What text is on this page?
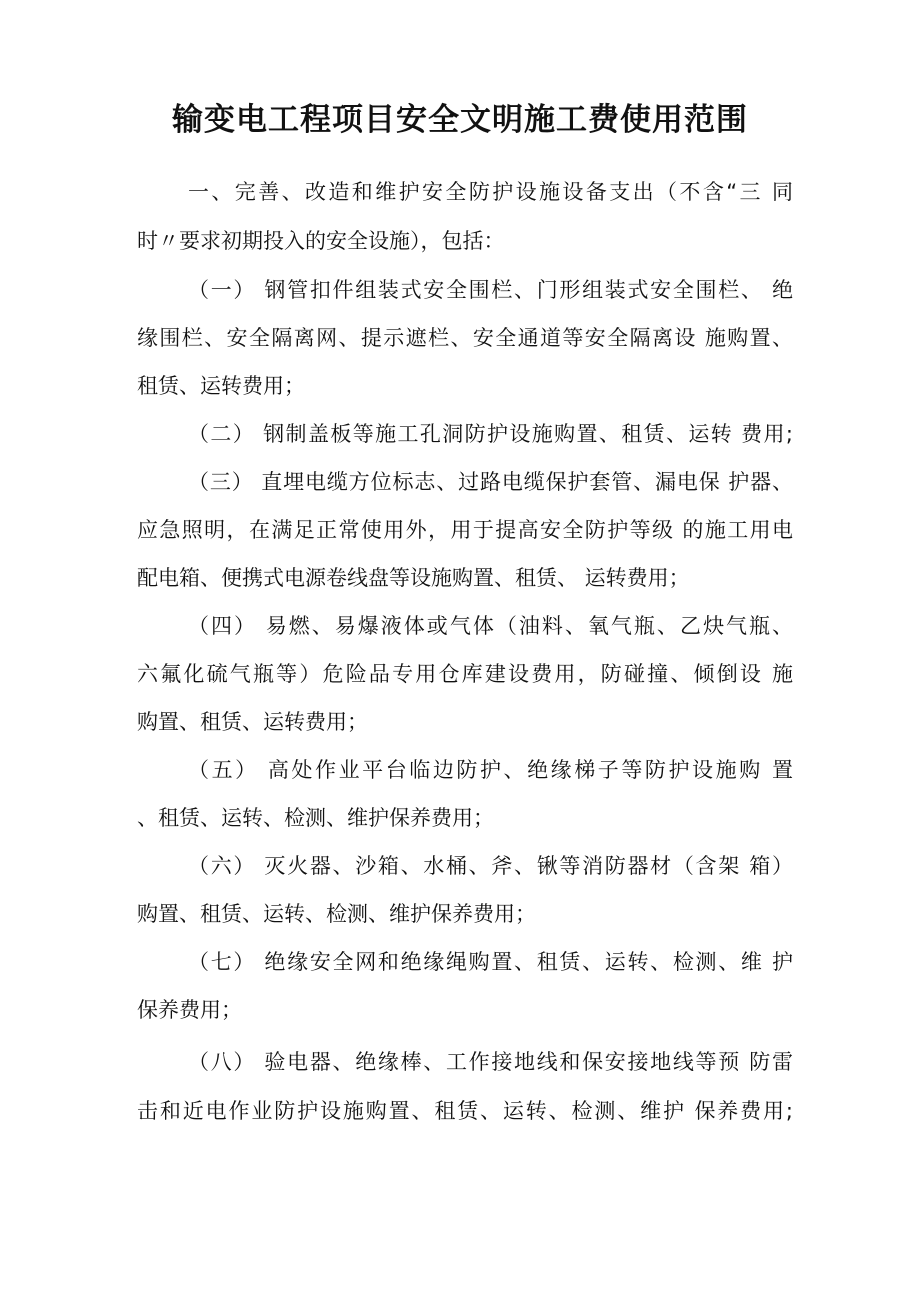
输变电工程项目安全文明施工费使用范围
一、完善、改造和维护安全防护设施设备支出（不含“三 同
时〃要求初期投入的安全设施），包括：
（一） 钢管扣件组装式安全围栏、门形组装式安全围栏、 绝
缘围栏、安全隔离网、提示遮栏、安全通道等安全隔离设 施购置、
租赁、运转费用；
（二） 钢制盖板等施工孔洞防护设施购置、租赁、运转 费用;
（三） 直埋电缆方位标志、过路电缆保护套管、漏电保 护器、
应急照明，在满足正常使用外，用于提高安全防护等级 的施工用电
配电箱、便携式电源卷线盘等设施购置、租赁、 运转费用；
（四） 易燃、易爆液体或气体（油料、氧气瓶、乙炔气瓶、
六氟化硫气瓶等）危险品专用仓库建设费用，防碰撞、倾倒设 施
购置、租赁、运转费用；
（五） 高处作业平台临边防护、绝缘梯子等防护设施购 置
、租赁、运转、检测、维护保养费用；
（六） 灭火器、沙箱、水桶、斧、锹等消防器材（含架 箱）
购置、租赁、运转、检测、维护保养费用；
（七） 绝缘安全网和绝缘绳购置、租赁、运转、检测、维 护
保养费用；
（八） 验电器、绝缘棒、工作接地线和保安接地线等预 防雷
击和近电作业防护设施购置、租赁、运转、检测、维护 保养费用;
